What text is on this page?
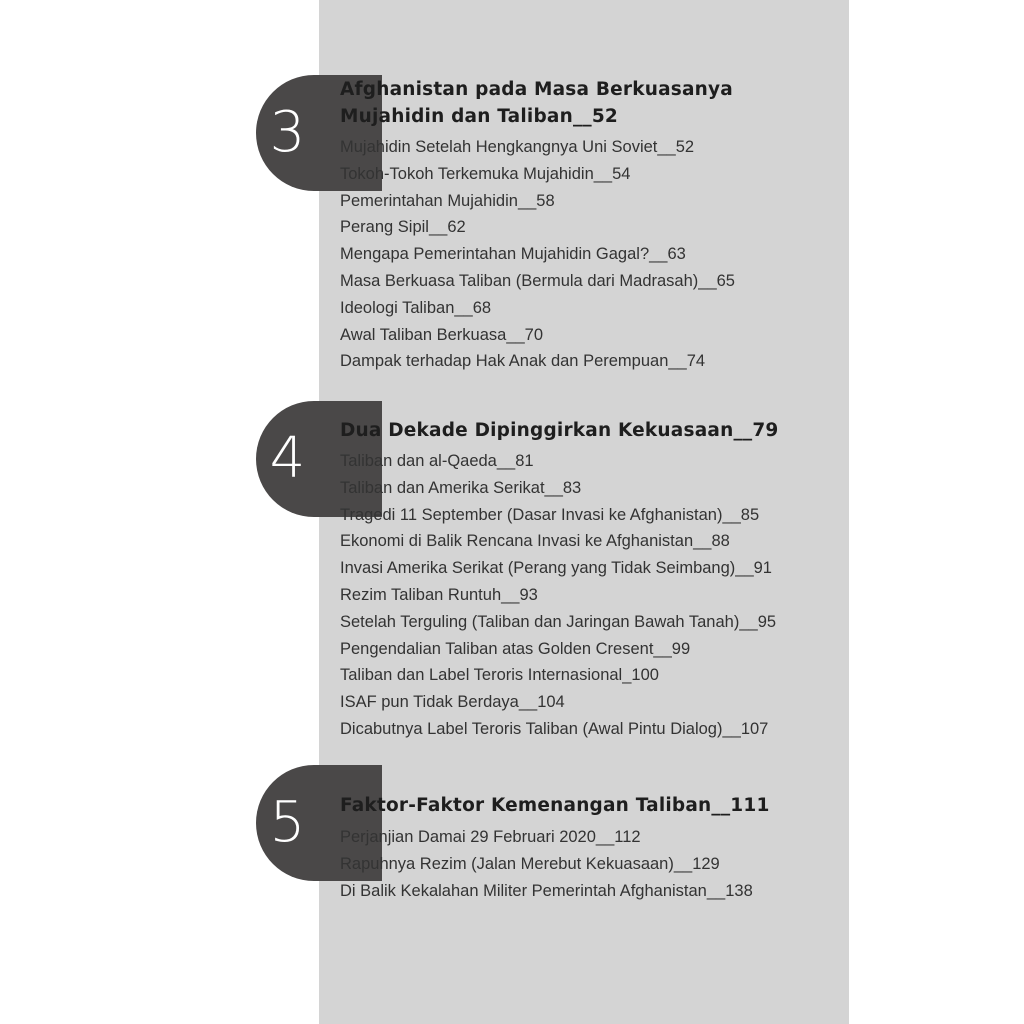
3
Afghanistan pada Masa Berkuasanya
Mujahidin dan Taliban__52
Mujahidin Setelah Hengkangnya Uni Soviet__52
Tokoh-Tokoh Terkemuka Mujahidin__54
Pemerintahan Mujahidin__58
Perang Sipil__62
Mengapa Pemerintahan Mujahidin Gagal?__63
Masa Berkuasa Taliban (Bermula dari Madrasah)__65
Ideologi Taliban__68
Awal Taliban Berkuasa__70
Dampak terhadap Hak Anak dan Perempuan__74
4	Dua Dekade Dipinggirkan Kekuasaan__79
Taliban dan al-Qaeda__81
Taliban dan Amerika Serikat__83
Tragedi 11 September (Dasar Invasi ke Afghanistan)__85
Ekonomi di Balik Rencana Invasi ke Afghanistan__88
Invasi Amerika Serikat (Perang yang Tidak Seimbang)__91
Rezim Taliban Runtuh__93
Setelah Terguling (Taliban dan Jaringan Bawah Tanah)__95
Pengendalian Taliban atas Golden Cresent__99
Taliban dan Label Teroris Internasional_100
ISAF pun Tidak Berdaya__104
Dicabutnya Label Teroris Taliban (Awal Pintu Dialog)__107
5	Faktor-Faktor Kemenangan Taliban__111
Perjanjian Damai 29 Februari 2020__112
Rapuhnya Rezim (Jalan Merebut Kekuasaan)__129
Di Balik Kekalahan Militer Pemerintah Afghanistan__138
